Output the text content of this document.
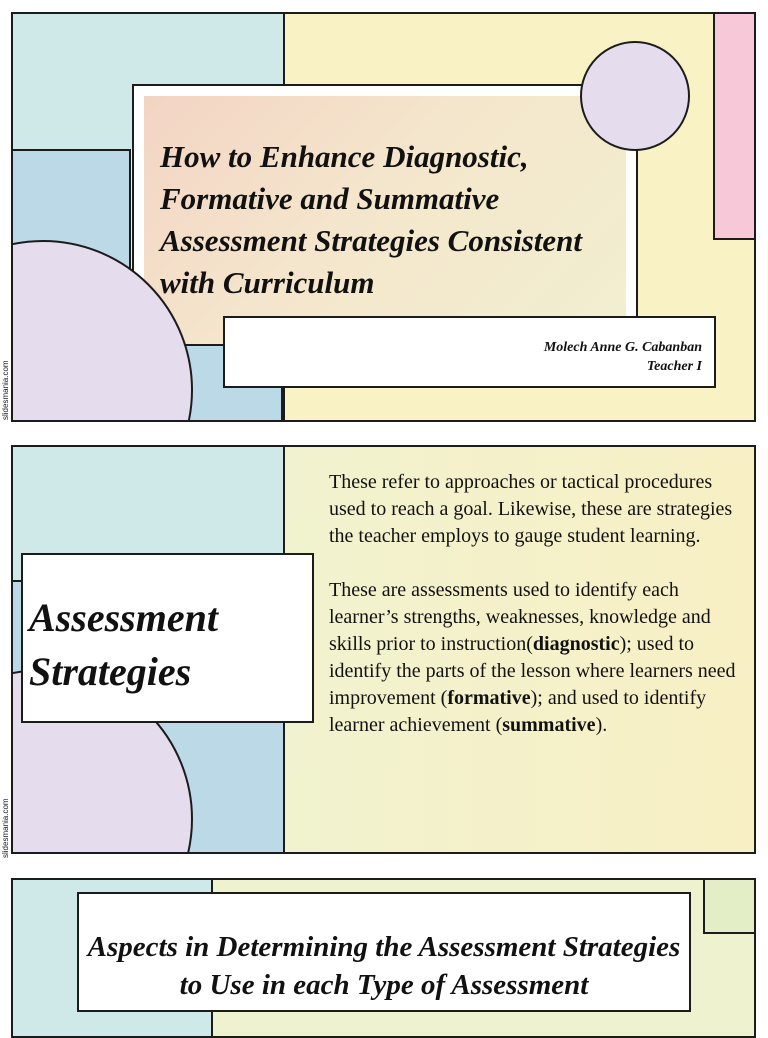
slidesmania.com
slidesmania.com
How to Enhance Diagnostic, Formative and Summative Assessment Strategies Consistent with Curriculum
Molech Anne G. Cabanban
Teacher I
Assessment Strategies

These refer to approaches or tactical procedures used to reach a goal. Likewise, these are strategies the teacher employs to gauge student learning.

These are assessments used to identify each learner’s strengths, weaknesses, knowledge and skills prior to instruction(diagnostic); used to identify the parts of the lesson where learners need improvement (formative); and used to identify learner achievement (summative).

Aspects in Determining the Assessment Strategies to Use in each Type of Assessment
